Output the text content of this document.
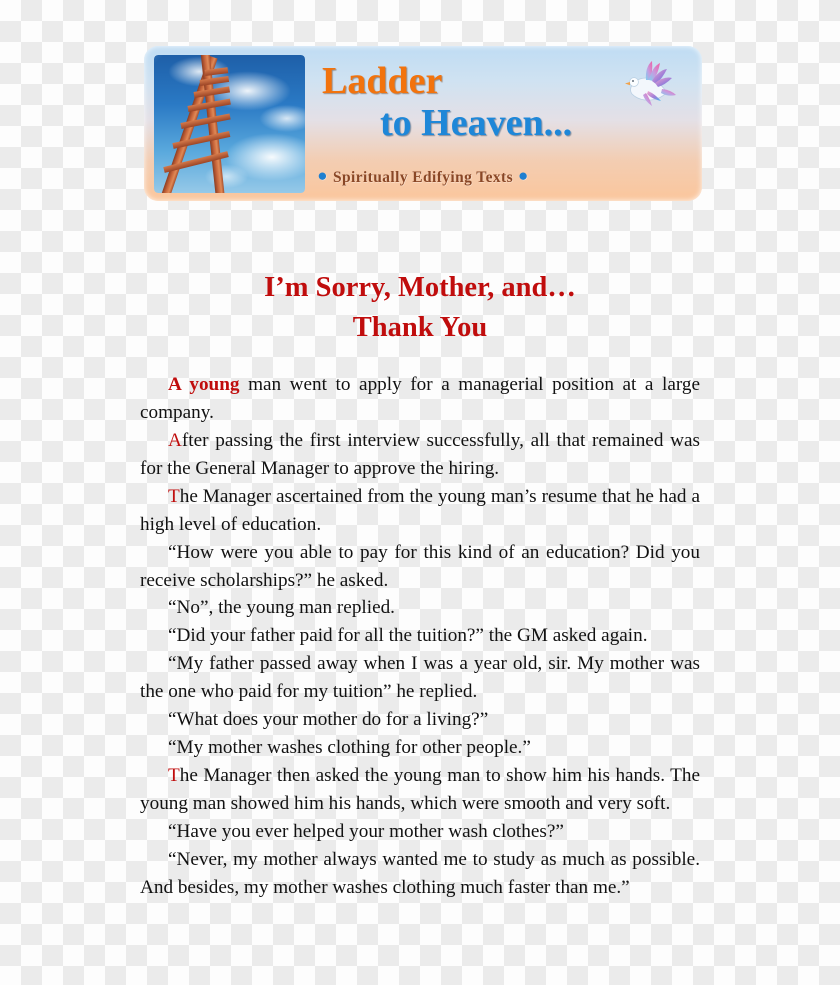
Ladder
to Heaven...
● Spiritually Edifying Texts ●
I’m Sorry, Mother, and…
Thank You

A young man went to apply for a managerial position at a large company.

After passing the first interview successfully, all that remained was for the General Manager to approve the hiring.

The Manager ascertained from the young man’s resume that he had a high level of education.

“How were you able to pay for this kind of an education? Did you receive scholarships?” he asked.

“No”, the young man replied.

“Did your father paid for all the tuition?” the GM asked again.

“My father passed away when I was a year old, sir. My mother was the one who paid for my tuition” he replied.

“What does your mother do for a living?”

“My mother washes clothing for other people.”

The Manager then asked the young man to show him his hands. The young man showed him his hands, which were smooth and very soft.

“Have you ever helped your mother wash clothes?”

“Never, my mother always wanted me to study as much as possible. And besides, my mother washes clothing much faster than me.”
